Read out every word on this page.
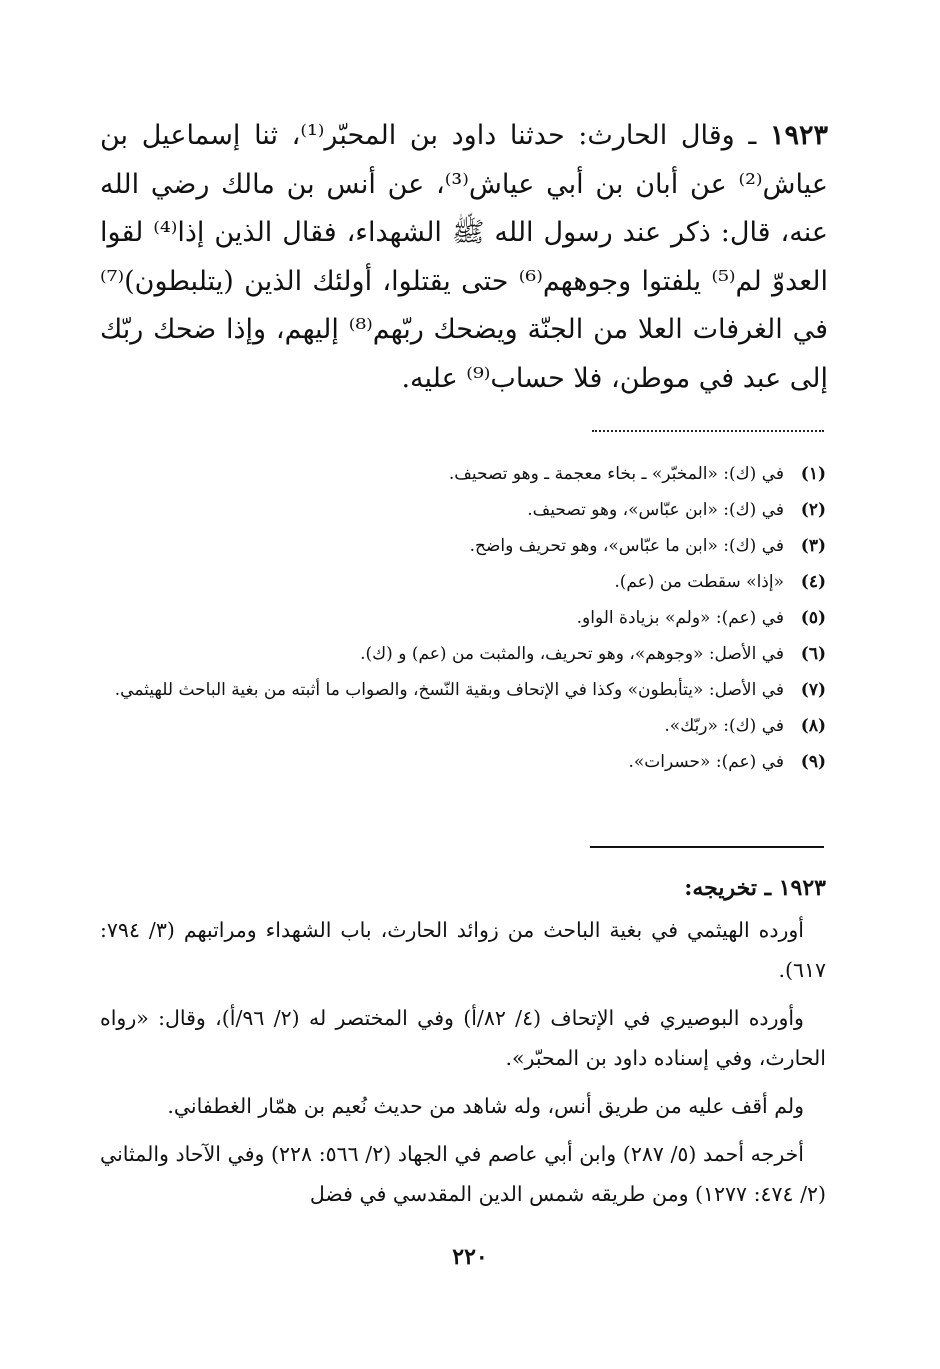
١٩٢٣ ـ وقال الحارث: حدثنا داود بن المحبّر⁽¹⁾، ثنا إسماعيل بن عياش⁽²⁾ عن أبان بن أبي عياش⁽³⁾، عن أنس بن مالك رضي الله عنه، قال: ذكر عند رسول الله ﷺ الشهداء، فقال الذين إذا⁽⁴⁾ لقوا العدوّ لم⁽⁵⁾ يلفتوا وجوههم⁽⁶⁾ حتى يقتلوا، أولئك الذين (يتلبطون)⁽⁷⁾ في الغرفات العلا من الجنّة ويضحك ربّهم⁽⁸⁾ إليهم، وإذا ضحك ربّك إلى عبد في موطن، فلا حساب⁽⁹⁾ عليه.

(١)
في (ك): «المخبّر» ـ بخاء معجمة ـ وهو تصحيف.
(٢)
في (ك): «ابن عبّاس»، وهو تصحيف.
(٣)
في (ك): «ابن ما عبّاس»، وهو تحريف واضح.
(٤)
«إذا» سقطت من (عم).
(٥)
في (عم): «ولم» بزيادة الواو.
(٦)
في الأصل: «وجوهم»، وهو تحريف، والمثبت من (عم) و (ك).
(٧)
في الأصل: «يتأبطون» وكذا في الإتحاف وبقية النّسخ، والصواب ما أثبته من بغية الباحث للهيثمي.
(٨)
في (ك): «ربّك».
(٩)
في (عم): «حسرات».
١٩٢٣ ـ تخريجه:

أورده الهيثمي في بغية الباحث من زوائد الحارث، باب الشهداء ومراتبهم (٣/ ٧٩٤: ٦١٧).

وأورده البوصيري في الإتحاف (٤/ ٨٢/أ) وفي المختصر له (٢/ ٩٦/أ)، وقال: «رواه الحارث، وفي إسناده داود بن المحبّر».

ولم أقف عليه من طريق أنس، وله شاهد من حديث نُعيم بن همّار الغطفاني.

أخرجه أحمد (٥/ ٢٨٧) وابن أبي عاصم في الجهاد (٢/ ٥٦٦: ٢٢٨) وفي الآحاد والمثاني (٢/ ٤٧٤: ١٢٧٧) ومن طريقه شمس الدين المقدسي في فضل

٢٢٠
